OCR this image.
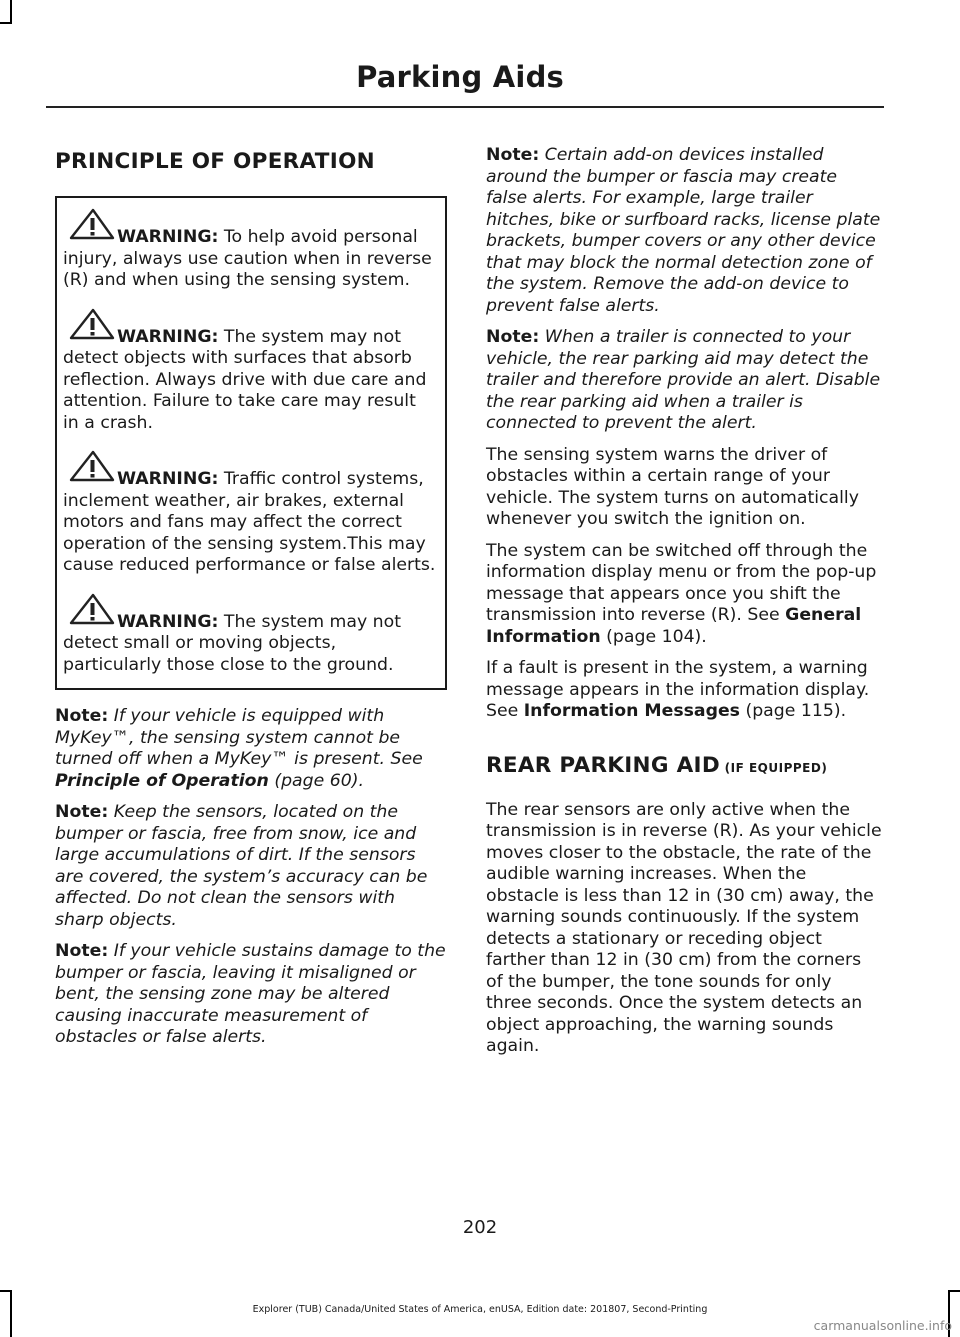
Parking Aids
PRINCIPLE OF OPERATION
WARNING: To help avoid personal injury, always use caution when in reverse (R) and when using the sensing system.
WARNING: The system may not detect objects with surfaces that absorb reflection. Always drive with due care and attention. Failure to take care may result in a crash.
WARNING: Traffic control systems, inclement weather, air brakes, external motors and fans may affect the correct operation of the sensing system.This may cause reduced performance or false alerts.
WARNING: The system may not detect small or moving objects, particularly those close to the ground.

Note: If your vehicle is equipped with MyKey™, the sensing system cannot be turned off when a MyKey™ is present. See Principle of Operation (page 60).

Note: Keep the sensors, located on the bumper or fascia, free from snow, ice and large accumulations of dirt. If the sensors are covered, the system’s accuracy can be affected. Do not clean the sensors with sharp objects.

Note: If your vehicle sustains damage to the bumper or fascia, leaving it misaligned or bent, the sensing zone may be altered causing inaccurate measurement of obstacles or false alerts.

Note: Certain add-on devices installed around the bumper or fascia may create false alerts. For example, large trailer hitches, bike or surfboard racks, license plate brackets, bumper covers or any other device that may block the normal detection zone of the system. Remove the add-on device to prevent false alerts.

Note: When a trailer is connected to your vehicle, the rear parking aid may detect the trailer and therefore provide an alert. Disable the rear parking aid when a trailer is connected to prevent the alert.

The sensing system warns the driver of obstacles within a certain range of your vehicle. The system turns on automatically whenever you switch the ignition on.

The system can be switched off through the information display menu or from the pop-up message that appears once you shift the transmission into reverse (R). See General Information (page 104).

If a fault is present in the system, a warning message appears in the information display. See Information Messages (page 115).

REAR PARKING AID (IF EQUIPPED)

The rear sensors are only active when the transmission is in reverse (R). As your vehicle moves closer to the obstacle, the rate of the audible warning increases. When the obstacle is less than 12 in (30 cm) away, the warning sounds continuously. If the system detects a stationary or receding object farther than 12 in (30 cm) from the corners of the bumper, the tone sounds for only three seconds. Once the system detects an object approaching, the warning sounds again.

202
Explorer (TUB) Canada/United States of America, enUSA, Edition date: 201807, Second-Printing
carmanualsonline.info
